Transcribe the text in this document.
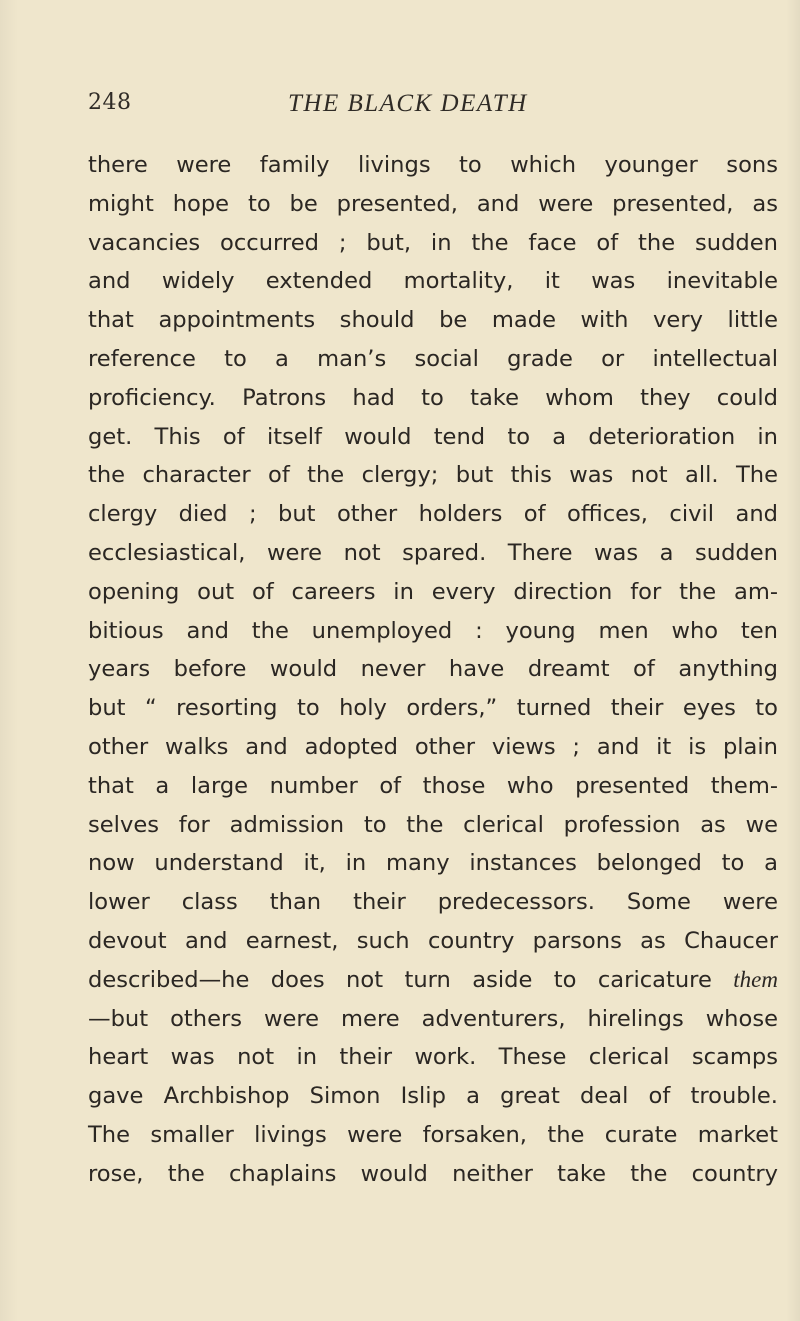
248	THE BLACK DEATH
there were family livings to which younger sons
might hope to be presented, and were presented, as
vacancies occurred ; but, in the face of the sudden
and widely extended mortality, it was inevitable
that appointments should be made with very little
reference to a man’s social grade or intellectual
proficiency. Patrons had to take whom they could
get. This of itself would tend to a deterioration in
the character of the clergy; but this was not all. The
clergy died ; but other holders of offices, civil and
ecclesiastical, were not spared. There was a sudden
opening out of careers in every direction for the am-
bitious and the unemployed : young men who ten
years before would never have dreamt of anything
but “ resorting to holy orders,” turned their eyes to
other walks and adopted other views ; and it is plain
that a large number of those who presented them-
selves for admission to the clerical profession as we
now understand it, in many instances belonged to a
lower class than their predecessors. Some were
devout and earnest, such country parsons as Chaucer
described—he does not turn aside to caricature them
—but others were mere adventurers, hirelings whose
heart was not in their work. These clerical scamps
gave Archbishop Simon Islip a great deal of trouble.
The smaller livings were forsaken, the curate market
rose, the chaplains would neither take the country
